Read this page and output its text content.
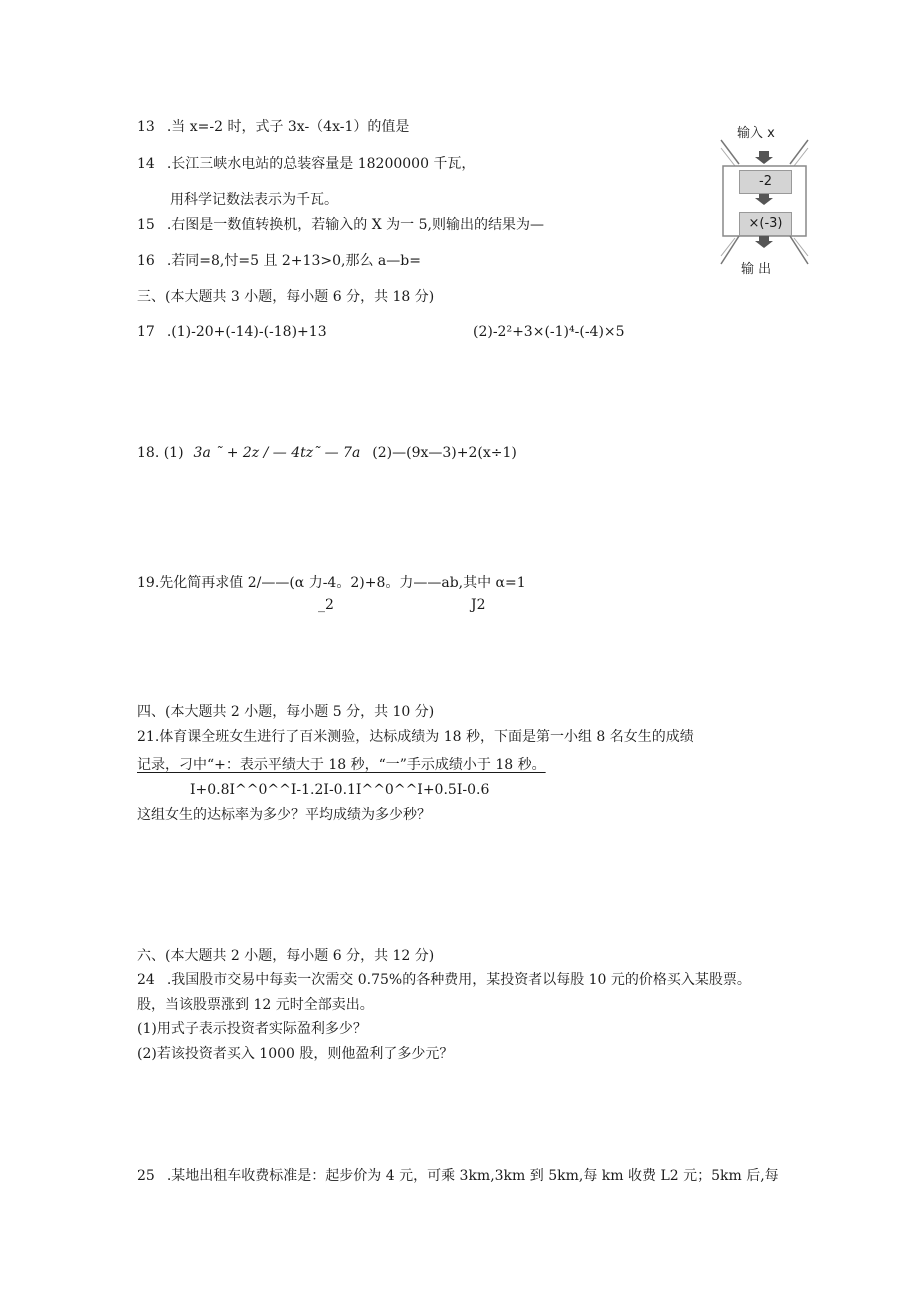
13 .当 x=-2 时，式子 3x-（4x-1）的值是
14 .长江三峡水电站的总装容量是 18200000 千瓦，
用科学记数法表示为千瓦。
15 .右图是一数值转换机，若输入的 X 为一 5,则输出的结果为—
16 .若同=8,忖=5 且 2+13>0,那么 a—b=
输入 x
-2
×(-3)
输 出
三、(本大题共 3 小题，每小题 6 分，共 18 分)
17 .(1)-20+(-14)-(-18)+13	(2)-2²+3×(-1)⁴-(-4)×5
18. (1) 3a ˜ + 2z / — 4tz˜ — 7a (2)—(9x—3)+2(x÷1)
19.先化简再求值 2/——(α 力-4。2)+8。力——ab,其中 α=1
_2	J2
四、(本大题共 2 小题，每小题 5 分，共 10 分)
21.体育课全班女生进行了百米测验，达标成绩为 18 秒，下面是第一小组 8 名女生的成绩
记录，刁中“+：表示平绩大于 18 秒，“一”手示成绩小于 18 秒。
I+0.8I^^0^^I-1.2I-0.1I^^0^^I+0.5I-0.6
这组女生的达标率为多少？平均成绩为多少秒？
六、(本大题共 2 小题，每小题 6 分，共 12 分)
24 .我国股市交易中每卖一次需交 0.75%的各种费用，某投资者以每股 10 元的价格买入某股票。
股，当该股票涨到 12 元时全部卖出。
(1)用式子表示投资者实际盈利多少？
(2)若该投资者买入 1000 股，则他盈利了多少元？
25 .某地出租车收费标准是：起步价为 4 元，可乘 3km,3km 到 5km,每 km 收费 L2 元；5km 后,每
